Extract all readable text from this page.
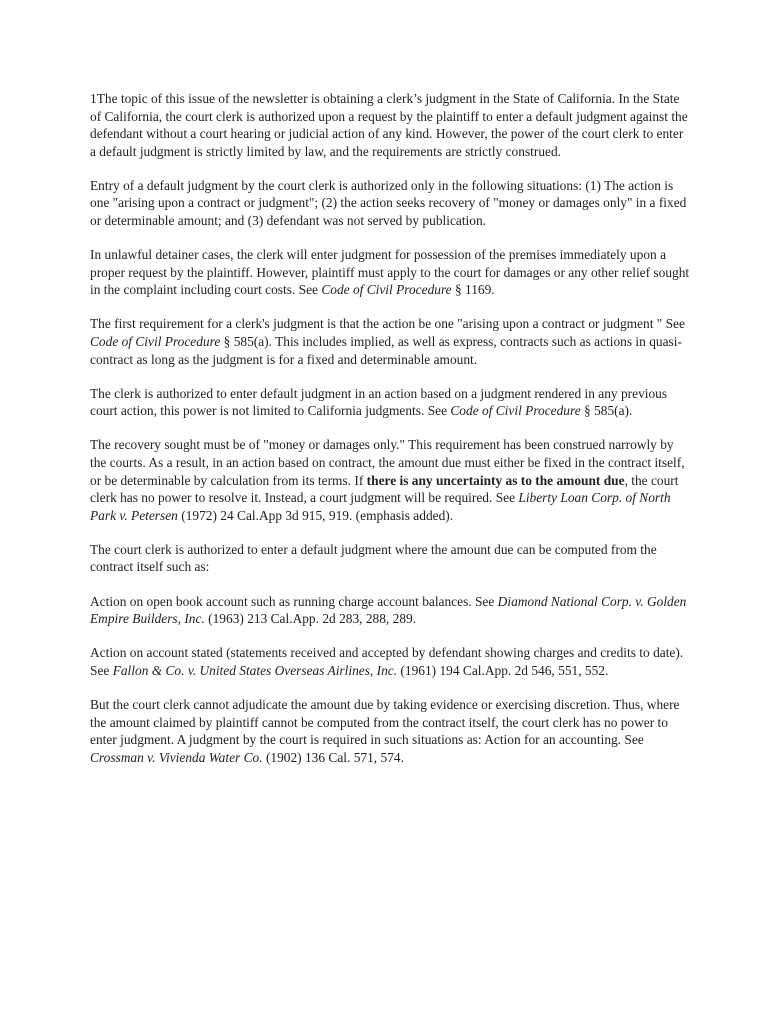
1The topic of this issue of the newsletter is obtaining a clerk’s judgment in the State of California. In the State of California, the court clerk is authorized upon a request by the plaintiff to enter a default judgment against the defendant without a court hearing or judicial action of any kind. However, the power of the court clerk to enter a default judgment is strictly limited by law, and the requirements are strictly construed.

Entry of a default judgment by the court clerk is authorized only in the following situations: (1) The action is one "arising upon a contract or judgment"; (2) the action seeks recovery of "money or damages only" in a fixed or determinable amount; and (3) defendant was not served by publication.

In unlawful detainer cases, the clerk will enter judgment for possession of the premises immediately upon a proper request by the plaintiff. However, plaintiff must apply to the court for damages or any other relief sought in the complaint including court costs. See Code of Civil Procedure § 1169.

The first requirement for a clerk's judgment is that the action be one "arising upon a contract or judgment " See Code of Civil Procedure § 585(a). This includes implied, as well as express, contracts such as actions in quasi-contract as long as the judgment is for a fixed and determinable amount.

The clerk is authorized to enter default judgment in an action based on a judgment rendered in any previous court action, this power is not limited to California judgments. See Code of Civil Procedure § 585(a).

The recovery sought must be of "money or damages only." This requirement has been construed narrowly by the courts. As a result, in an action based on contract, the amount due must either be fixed in the contract itself, or be determinable by calculation from its terms. If there is any uncertainty as to the amount due, the court clerk has no power to resolve it. Instead, a court judgment will be required. See Liberty Loan Corp. of North Park v. Petersen (1972) 24 Cal.App 3d 915, 919. (emphasis added).

The court clerk is authorized to enter a default judgment where the amount due can be computed from the contract itself such as:

Action on open book account such as running charge account balances. See Diamond National Corp. v. Golden Empire Builders, Inc. (1963) 213 Cal.App. 2d 283, 288, 289.

Action on account stated (statements received and accepted by defendant showing charges and credits to date). See Fallon & Co. v. United States Overseas Airlines, Inc. (1961) 194 Cal.App. 2d 546, 551, 552.

But the court clerk cannot adjudicate the amount due by taking evidence or exercising discretion. Thus, where the amount claimed by plaintiff cannot be computed from the contract itself, the court clerk has no power to enter judgment. A judgment by the court is required in such situations as: Action for an accounting. See Crossman v. Vivienda Water Co. (1902) 136 Cal. 571, 574.
